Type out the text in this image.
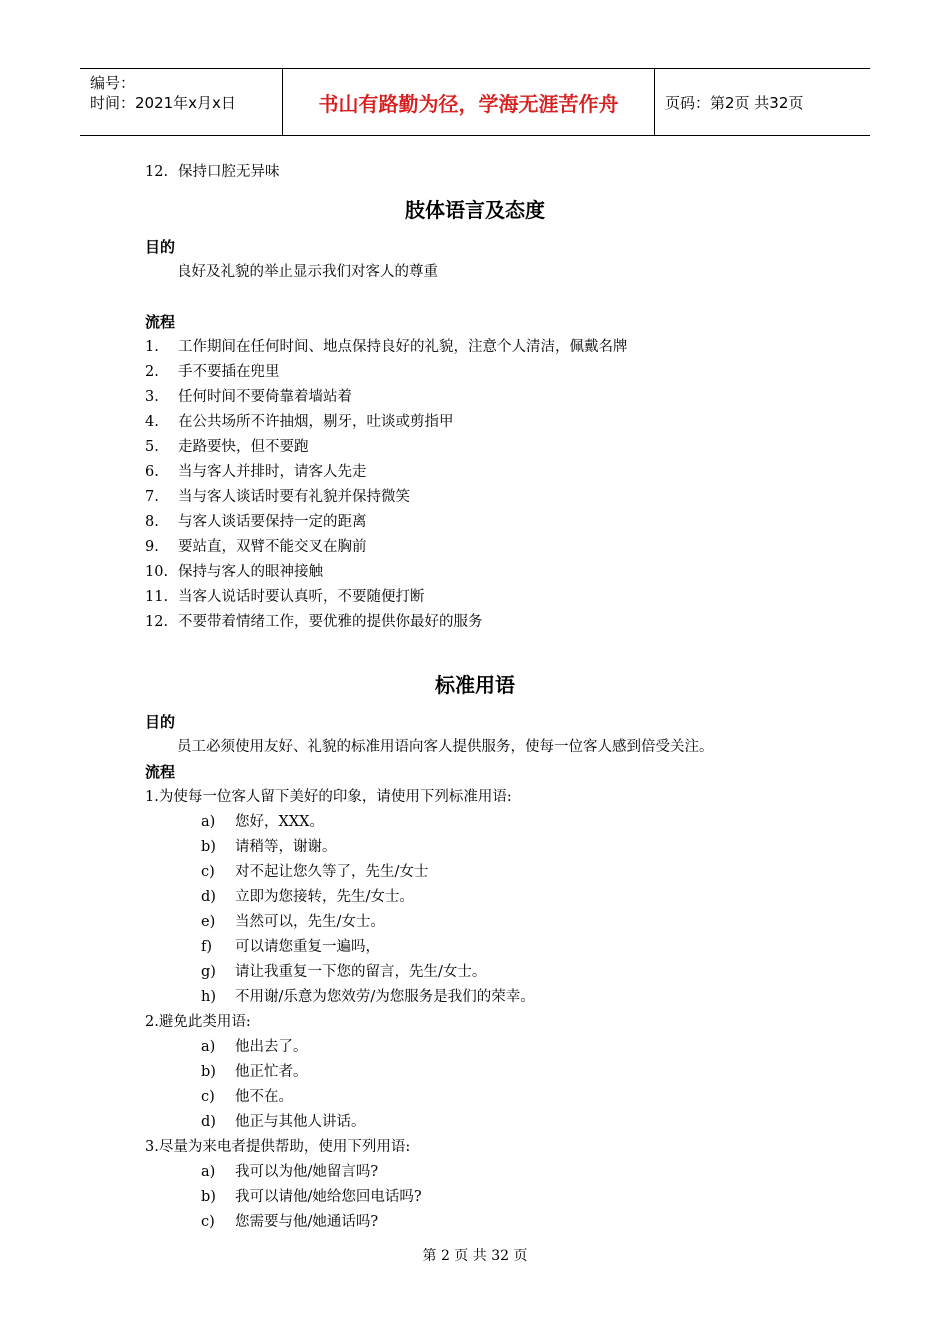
编号：
时间：2021年x月x日	书山有路勤为径，学海无涯苦作舟	页码：第2页 共32页
12. 保持口腔无异味
肢体语言及态度
目的
良好及礼貌的举止显示我们对客人的尊重
流程
1. 工作期间在任何时间、地点保持良好的礼貌，注意个人清洁，佩戴名牌
2. 手不要插在兜里
3. 任何时间不要倚靠着墙站着
4. 在公共场所不许抽烟，剔牙，吐谈或剪指甲
5. 走路要快，但不要跑
6. 当与客人并排时，请客人先走
7. 当与客人谈话时要有礼貌并保持微笑
8. 与客人谈话要保持一定的距离
9. 要站直，双臂不能交叉在胸前
10. 保持与客人的眼神接触
11. 当客人说话时要认真听，不要随便打断
12. 不要带着情绪工作，要优雅的提供你最好的服务
标准用语
目的
员工必须使用友好、礼貌的标准用语向客人提供服务，使每一位客人感到倍受关注。
流程
1.为使每一位客人留下美好的印象，请使用下列标准用语:
a) 您好，XXX。
b) 请稍等，谢谢。
c) 对不起让您久等了，先生/女士
d) 立即为您接转，先生/女士。
e) 当然可以，先生/女士。
f) 可以请您重复一遍吗，
g) 请让我重复一下您的留言，先生/女士。
h) 不用谢/乐意为您效劳/为您服务是我们的荣幸。
2.避免此类用语:
a) 他出去了。
b) 他正忙者。
c) 他不在。
d) 他正与其他人讲话。
3.尽量为来电者提供帮助，使用下列用语:
a) 我可以为他/她留言吗?
b) 我可以请他/她给您回电话吗?
c) 您需要与他/她通话吗?
第 2 页 共 32 页
